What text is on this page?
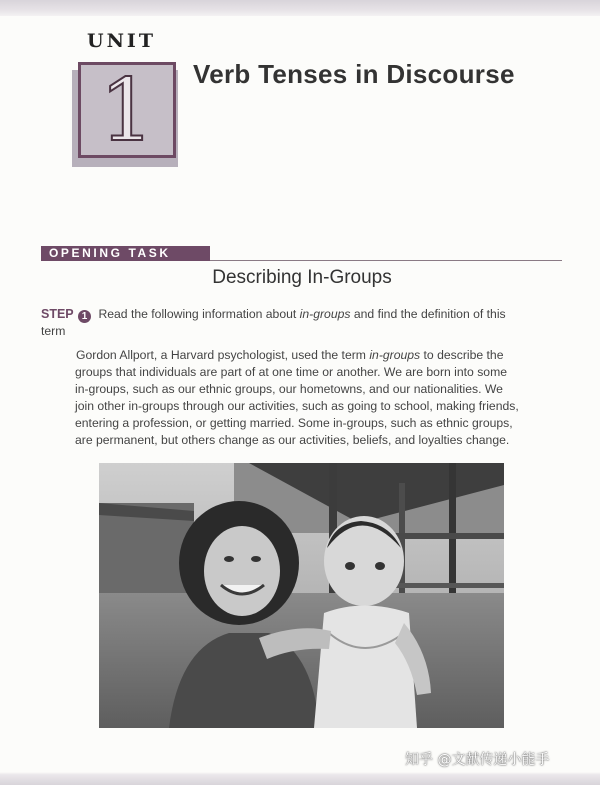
UNIT
1	Verb Tenses in Discourse
OPENING TASK
Describing In-Groups
STEP 1 Read the following information about in-groups and find the definition of this
term
Gordon Allport, a Harvard psychologist, used the term in-groups to describe the
groups that individuals are part of at one time or another. We are born into some
in-groups, such as our ethnic groups, our hometowns, and our nationalities. We
join other in-groups through our activities, such as going to school, making friends,
entering a profession, or getting married. Some in-groups, such as ethnic groups,
are permanent, but others change as our activities, beliefs, and loyalties change.
知乎 @文献传递小能手
